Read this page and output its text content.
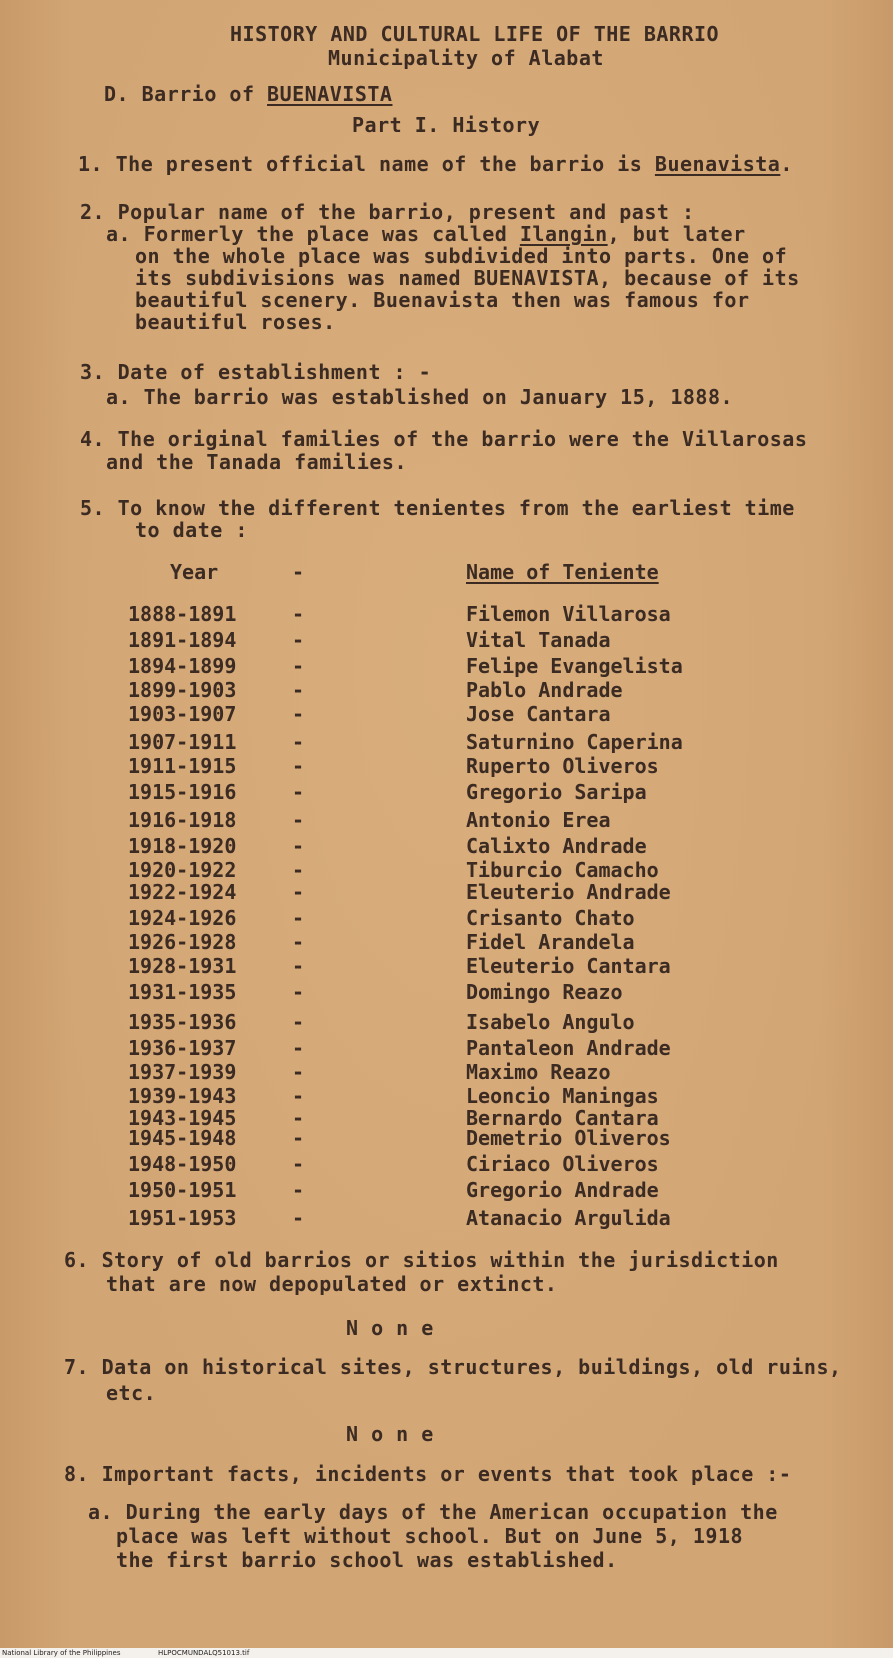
HISTORY AND CULTURAL LIFE OF THE BARRIO
Municipality of Alabat
D. Barrio of BUENAVISTA
Part I. History
1. The present official name of the barrio is Buenavista.
2. Popular name of the barrio, present and past :
a. Formerly the place was called Ilangin, but later
on the whole place was subdivided into parts. One of
its subdivisions was named BUENAVISTA, because of its
beautiful scenery. Buenavista then was famous for
beautiful roses.
3. Date of establishment : -
a. The barrio was established on January 15, 1888.
4. The original families of the barrio were the Villarosas
and the Tanada families.
5. To know the different tenientes from the earliest time
to date :
Year	-	Name of Teniente
1888-1891	-	Filemon Villarosa
1891-1894	-	Vital Tanada
1894-1899	-	Felipe Evangelista
1899-1903	-	Pablo Andrade
1903-1907	-	Jose Cantara
1907-1911	-	Saturnino Caperina
1911-1915	-	Ruperto Oliveros
1915-1916	-	Gregorio Saripa
1916-1918	-	Antonio Erea
1918-1920	-	Calixto Andrade
1920-1922	-	Tiburcio Camacho
1922-1924	-	Eleuterio Andrade
1924-1926	-	Crisanto Chato
1926-1928	-	Fidel Arandela
1928-1931	-	Eleuterio Cantara
1931-1935	-	Domingo Reazo
1935-1936	-	Isabelo Angulo
1936-1937	-	Pantaleon Andrade
1937-1939	-	Maximo Reazo
1939-1943	-	Leoncio Maningas
1943-1945	-	Bernardo Cantara
1945-1948	-	Demetrio Oliveros
1948-1950	-	Ciriaco Oliveros
1950-1951	-	Gregorio Andrade
1951-1953	-	Atanacio Argulida
6. Story of old barrios or sitios within the jurisdiction
that are now depopulated or extinct.
N o n e
7. Data on historical sites, structures, buildings, old ruins,
etc.
N o n e
8. Important facts, incidents or events that took place :-
a. During the early days of the American occupation the
place was left without school. But on June 5, 1918
the first barrio school was established.
National Library of the Philippines	HLPOCMUNDALQ51013.tif
